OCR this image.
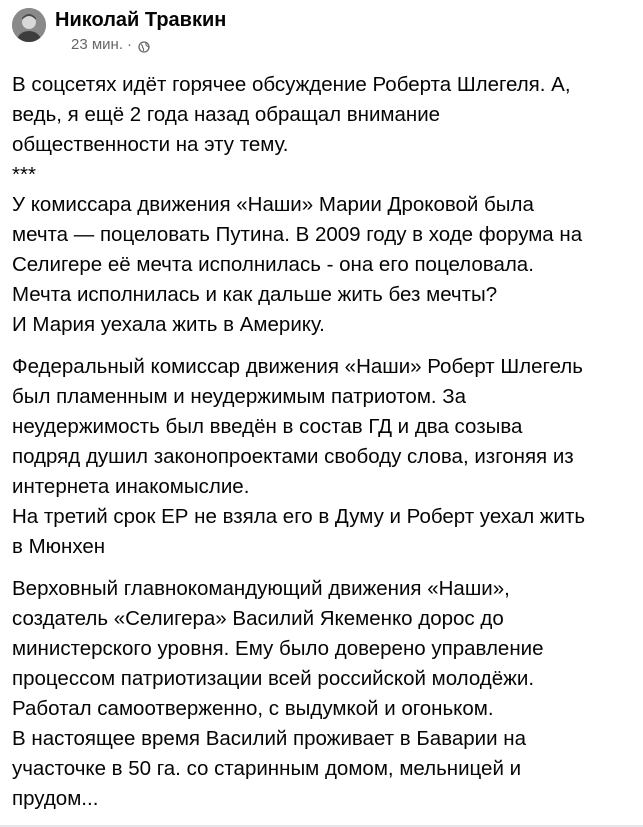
Николай Травкин
23 мин. ·

В соцсетях идёт горячее обсуждение Роберта Шлегеля. А,
ведь, я ещё 2 года назад обращал внимание
общественности на эту тему.
***
У комиссара движения «Наши» Марии Дроковой была
мечта — поцеловать Путина. В 2009 году в ходе форума на
Селигере её мечта исполнилась - она его поцеловала.
Мечта исполнилась и как дальше жить без мечты?
И Мария уехала жить в Америку.

Федеральный комиссар движения «Наши» Роберт Шлегель
был пламенным и неудержимым патриотом. За
неудержимость был введён в состав ГД и два созыва
подряд душил законопроектами свободу слова, изгоняя из
интернета инакомыслие.
На третий срок ЕР не взяла его в Думу и Роберт уехал жить
в Мюнхен

Верховный главнокомандующий движения «Наши»,
создатель «Селигера» Василий Якеменко дорос до
министерского уровня. Ему было доверено управление
процессом патриотизации всей российской молодёжи.
Работал самоотверженно, с выдумкой и огоньком.
В настоящее время Василий проживает в Баварии на
участочке в 50 га. со старинным домом, мельницей и
прудом...
